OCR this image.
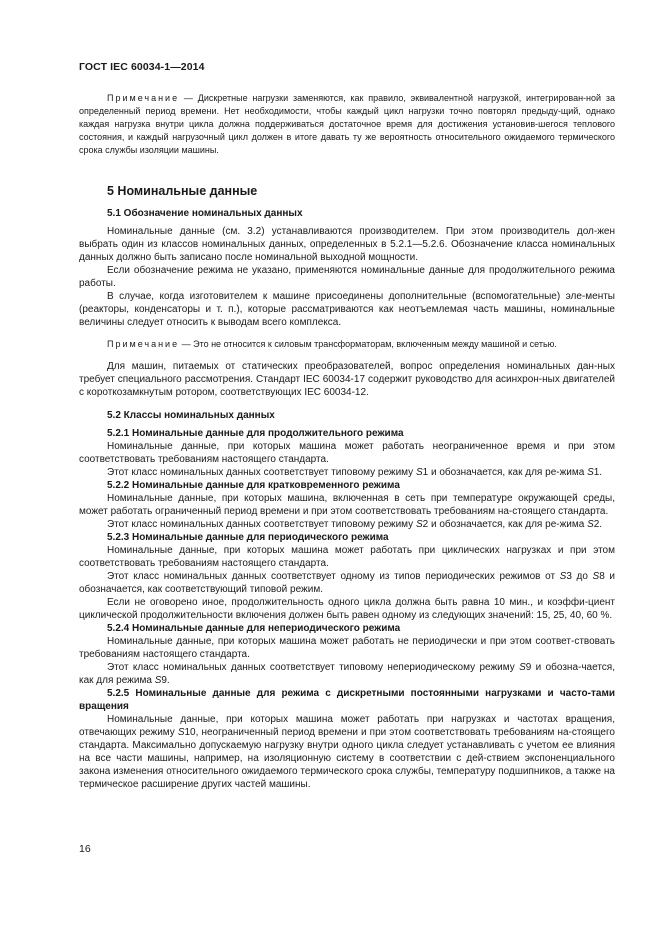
ГОСТ IEC 60034-1—2014

Примечание — Дискретные нагрузки заменяются, как правило, эквивалентной нагрузкой, интегрирован-ной за определенный период времени. Нет необходимости, чтобы каждый цикл нагрузки точно повторял предыду-щий, однако каждая нагрузка внутри цикла должна поддерживаться достаточное время для достижения установив-шегося теплового состояния, и каждый нагрузочный цикл должен в итоге давать ту же вероятность относительного ожидаемого термического срока службы изоляции машины.

5 Номинальные данные
5.1 Обозначение номинальных данных

Номинальные данные (см. 3.2) устанавливаются производителем. При этом производитель дол-жен выбрать один из классов номинальных данных, определенных в 5.2.1—5.2.6. Обозначение класса номинальных данных должно быть записано после номинальной выходной мощности.

Если обозначение режима не указано, применяются номинальные данные для продолжительного режима работы.

В случае, когда изготовителем к машине присоединены дополнительные (вспомогательные) эле-менты (реакторы, конденсаторы и т. п.), которые рассматриваются как неотъемлемая часть машины, номинальные величины следует относить к выводам всего комплекса.

Примечание — Это не относится к силовым трансформаторам, включенным между машиной и сетью.

Для машин, питаемых от статических преобразователей, вопрос определения номинальных дан-ных требует специального рассмотрения. Стандарт IEC 60034-17 содержит руководство для асинхрон-ных двигателей с короткозамкнутым ротором, соответствующих IEC 60034-12.

5.2 Классы номинальных данных

5.2.1 Номинальные данные для продолжительного режима

Номинальные данные, при которых машина может работать неограниченное время и при этом соответствовать требованиям настоящего стандарта.

Этот класс номинальных данных соответствует типовому режиму S1 и обозначается, как для ре-жима S1.

5.2.2 Номинальные данные для кратковременного режима

Номинальные данные, при которых машина, включенная в сеть при температуре окружающей среды, может работать ограниченный период времени и при этом соответствовать требованиям на-стоящего стандарта.

Этот класс номинальных данных соответствует типовому режиму S2 и обозначается, как для ре-жима S2.

5.2.3 Номинальные данные для периодического режима

Номинальные данные, при которых машина может работать при циклических нагрузках и при этом соответствовать требованиям настоящего стандарта.

Этот класс номинальных данных соответствует одному из типов периодических режимов от S3 до S8 и обозначается, как соответствующий типовой режим.

Если не оговорено иное, продолжительность одного цикла должна быть равна 10 мин., и коэффи-циент циклической продолжительности включения должен быть равен одному из следующих значений: 15, 25, 40, 60 %.

5.2.4 Номинальные данные для непериодического режима

Номинальные данные, при которых машина может работать не периодически и при этом соответ-ствовать требованиям настоящего стандарта.

Этот класс номинальных данных соответствует типовому непериодическому режиму S9 и обозна-чается, как для режима S9.

5.2.5 Номинальные данные для режима с дискретными постоянными нагрузками и часто-тами вращения

Номинальные данные, при которых машина может работать при нагрузках и частотах вращения, отвечающих режиму S10, неограниченный период времени и при этом соответствовать требованиям на-стоящего стандарта. Максимально допускаемую нагрузку внутри одного цикла следует устанавливать с учетом ее влияния на все части машины, например, на изоляционную систему в соответствии с дей-ствием экспоненциального закона изменения относительного ожидаемого термического срока службы, температуру подшипников, а также на термическое расширение других частей машины.

16
